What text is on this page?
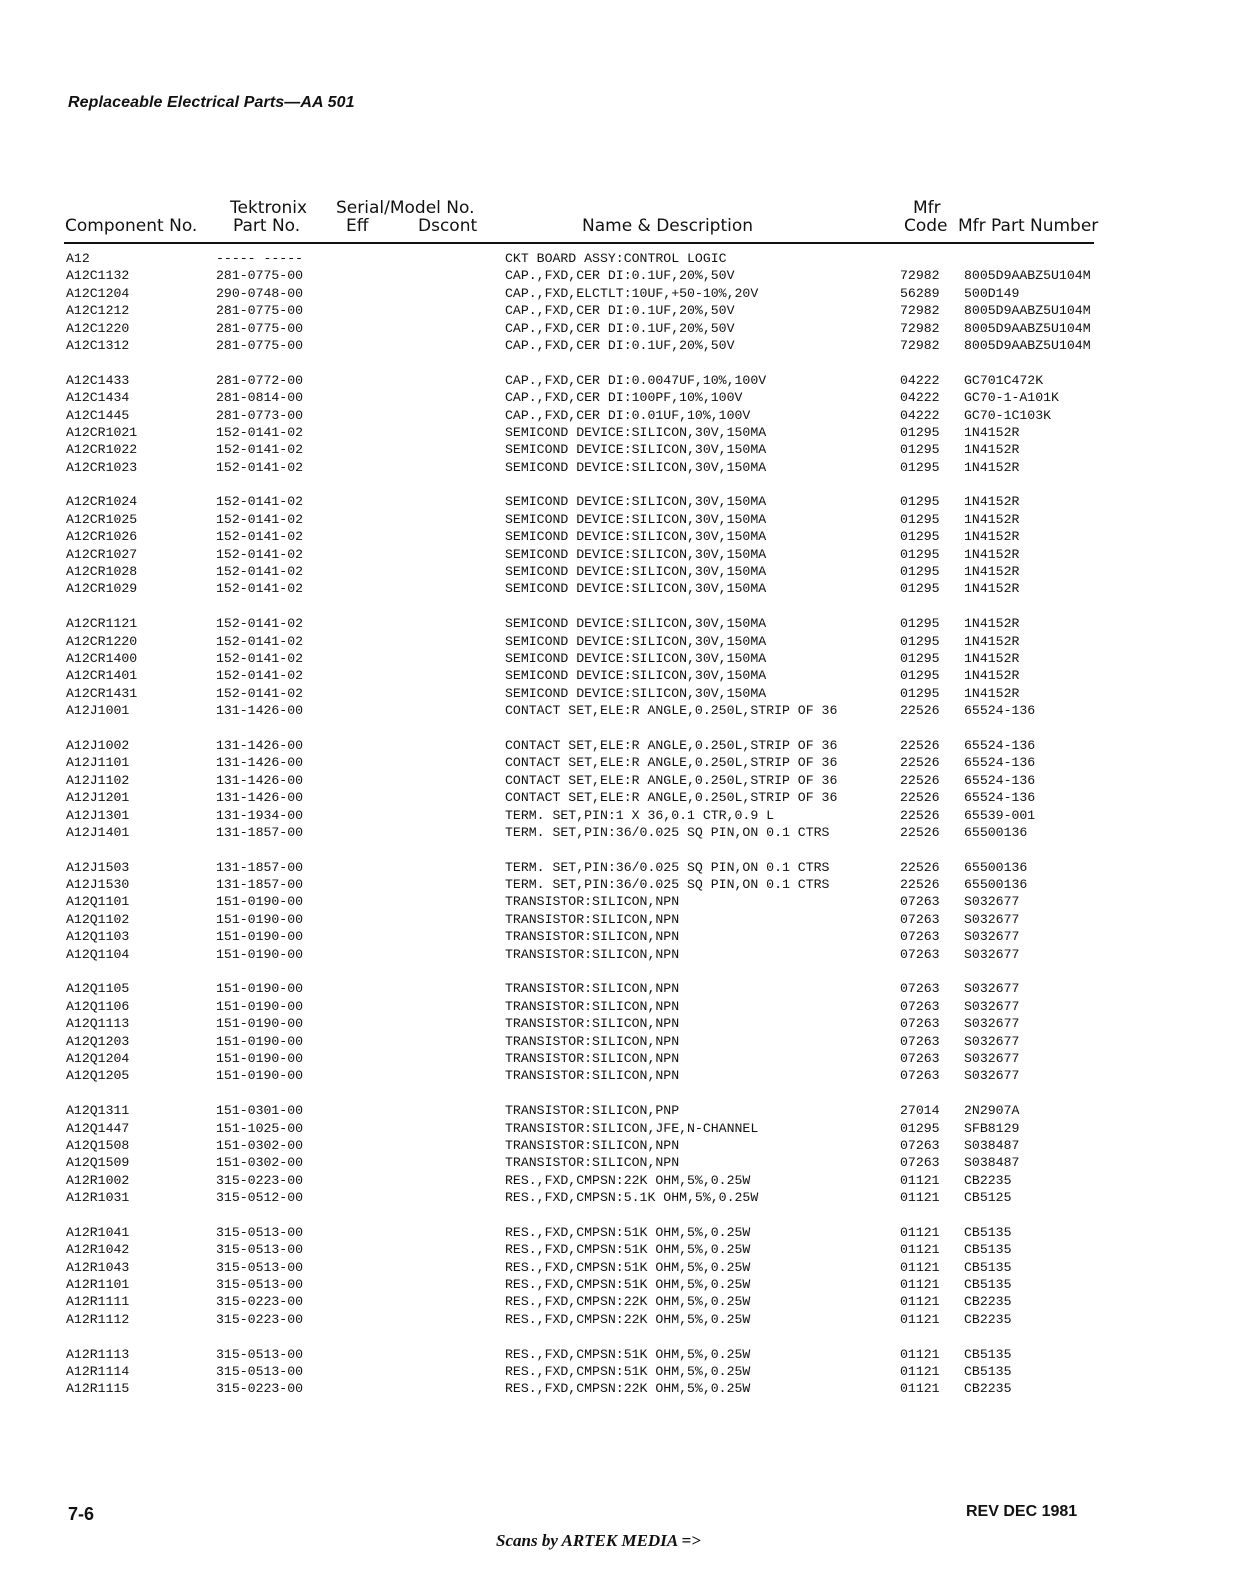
Replaceable Electrical Parts—AA 501
Component No.
Tektronix
Part No.
Serial/Model No.
Eff	Dscont	Name & Description
Mfr
Code Mfr Part Number
A12	----- -----	CKT BOARD ASSY:CONTROL LOGIC
A12C1132	281-0775-00	CAP.,FXD,CER DI:0.1UF,20%,50V	72982 8005D9AABZ5U104M
A12C1204	290-0748-00	CAP.,FXD,ELCTLT:10UF,+50-10%,20V	56289 500D149
A12C1212	281-0775-00	CAP.,FXD,CER DI:0.1UF,20%,50V	72982 8005D9AABZ5U104M
A12C1220	281-0775-00	CAP.,FXD,CER DI:0.1UF,20%,50V	72982 8005D9AABZ5U104M
A12C1312	281-0775-00	CAP.,FXD,CER DI:0.1UF,20%,50V	72982 8005D9AABZ5U104M
A12C1433	281-0772-00	CAP.,FXD,CER DI:0.0047UF,10%,100V	04222 GC701C472K
A12C1434	281-0814-00	CAP.,FXD,CER DI:100PF,10%,100V	04222 GC70-1-A101K
A12C1445	281-0773-00	CAP.,FXD,CER DI:0.01UF,10%,100V	04222 GC70-1C103K
A12CR1021	152-0141-02	SEMICOND DEVICE:SILICON,30V,150MA	01295 1N4152R
A12CR1022	152-0141-02	SEMICOND DEVICE:SILICON,30V,150MA	01295 1N4152R
A12CR1023	152-0141-02	SEMICOND DEVICE:SILICON,30V,150MA	01295 1N4152R
A12CR1024	152-0141-02	SEMICOND DEVICE:SILICON,30V,150MA	01295 1N4152R
A12CR1025	152-0141-02	SEMICOND DEVICE:SILICON,30V,150MA	01295 1N4152R
A12CR1026	152-0141-02	SEMICOND DEVICE:SILICON,30V,150MA	01295 1N4152R
A12CR1027	152-0141-02	SEMICOND DEVICE:SILICON,30V,150MA	01295 1N4152R
A12CR1028	152-0141-02	SEMICOND DEVICE:SILICON,30V,150MA	01295 1N4152R
A12CR1029	152-0141-02	SEMICOND DEVICE:SILICON,30V,150MA	01295 1N4152R
A12CR1121	152-0141-02	SEMICOND DEVICE:SILICON,30V,150MA	01295 1N4152R
A12CR1220	152-0141-02	SEMICOND DEVICE:SILICON,30V,150MA	01295 1N4152R
A12CR1400	152-0141-02	SEMICOND DEVICE:SILICON,30V,150MA	01295 1N4152R
A12CR1401	152-0141-02	SEMICOND DEVICE:SILICON,30V,150MA	01295 1N4152R
A12CR1431	152-0141-02	SEMICOND DEVICE:SILICON,30V,150MA	01295 1N4152R
A12J1001	131-1426-00	CONTACT SET,ELE:R ANGLE,0.250L,STRIP OF 36	22526 65524-136
A12J1002	131-1426-00	CONTACT SET,ELE:R ANGLE,0.250L,STRIP OF 36	22526 65524-136
A12J1101	131-1426-00	CONTACT SET,ELE:R ANGLE,0.250L,STRIP OF 36	22526 65524-136
A12J1102	131-1426-00	CONTACT SET,ELE:R ANGLE,0.250L,STRIP OF 36	22526 65524-136
A12J1201	131-1426-00	CONTACT SET,ELE:R ANGLE,0.250L,STRIP OF 36	22526 65524-136
A12J1301	131-1934-00	TERM. SET,PIN:1 X 36,0.1 CTR,0.9 L	22526 65539-001
A12J1401	131-1857-00	TERM. SET,PIN:36/0.025 SQ PIN,ON 0.1 CTRS	22526 65500136
A12J1503	131-1857-00	TERM. SET,PIN:36/0.025 SQ PIN,ON 0.1 CTRS	22526 65500136
A12J1530	131-1857-00	TERM. SET,PIN:36/0.025 SQ PIN,ON 0.1 CTRS	22526 65500136
A12Q1101	151-0190-00	TRANSISTOR:SILICON,NPN	07263 S032677
A12Q1102	151-0190-00	TRANSISTOR:SILICON,NPN	07263 S032677
A12Q1103	151-0190-00	TRANSISTOR:SILICON,NPN	07263 S032677
A12Q1104	151-0190-00	TRANSISTOR:SILICON,NPN	07263 S032677
A12Q1105	151-0190-00	TRANSISTOR:SILICON,NPN	07263 S032677
A12Q1106	151-0190-00	TRANSISTOR:SILICON,NPN	07263 S032677
A12Q1113	151-0190-00	TRANSISTOR:SILICON,NPN	07263 S032677
A12Q1203	151-0190-00	TRANSISTOR:SILICON,NPN	07263 S032677
A12Q1204	151-0190-00	TRANSISTOR:SILICON,NPN	07263 S032677
A12Q1205	151-0190-00	TRANSISTOR:SILICON,NPN	07263 S032677
A12Q1311	151-0301-00	TRANSISTOR:SILICON,PNP	27014 2N2907A
A12Q1447	151-1025-00	TRANSISTOR:SILICON,JFE,N-CHANNEL	01295 SFB8129
A12Q1508	151-0302-00	TRANSISTOR:SILICON,NPN	07263 S038487
A12Q1509	151-0302-00	TRANSISTOR:SILICON,NPN	07263 S038487
A12R1002	315-0223-00	RES.,FXD,CMPSN:22K OHM,5%,0.25W	01121 CB2235
A12R1031	315-0512-00	RES.,FXD,CMPSN:5.1K OHM,5%,0.25W	01121 CB5125
A12R1041	315-0513-00	RES.,FXD,CMPSN:51K OHM,5%,0.25W	01121 CB5135
A12R1042	315-0513-00	RES.,FXD,CMPSN:51K OHM,5%,0.25W	01121 CB5135
A12R1043	315-0513-00	RES.,FXD,CMPSN:51K OHM,5%,0.25W	01121 CB5135
A12R1101	315-0513-00	RES.,FXD,CMPSN:51K OHM,5%,0.25W	01121 CB5135
A12R1111	315-0223-00	RES.,FXD,CMPSN:22K OHM,5%,0.25W	01121 CB2235
A12R1112	315-0223-00	RES.,FXD,CMPSN:22K OHM,5%,0.25W	01121 CB2235
A12R1113	315-0513-00	RES.,FXD,CMPSN:51K OHM,5%,0.25W	01121 CB5135
A12R1114	315-0513-00	RES.,FXD,CMPSN:51K OHM,5%,0.25W	01121 CB5135
A12R1115	315-0223-00	RES.,FXD,CMPSN:22K OHM,5%,0.25W	01121 CB2235
7-6	REV DEC 1981
Scans by ARTEK MEDIA =>
